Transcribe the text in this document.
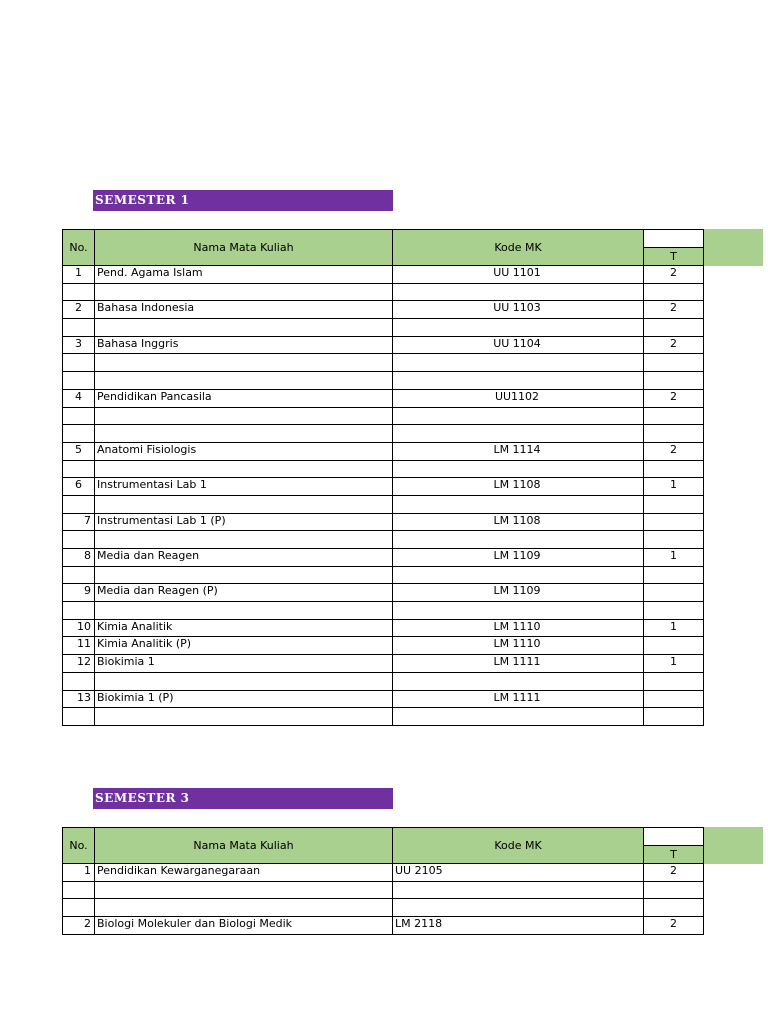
SEMESTER 1
No.	Nama Mata Kuliah	Kode MK	
			T
1	Pend. Agama Islam	UU 1101	2

2	Bahasa Indonesia	UU 1103	2

3	Bahasa Inggris	UU 1104	2

4	Pendidikan Pancasila	UU1102	2

5	Anatomi Fisiologis	LM 1114	2

6	Instrumentasi Lab 1	LM 1108	1

7	Instrumentasi Lab 1 (P)	LM 1108	

8	Media dan Reagen	LM 1109	1

9	Media dan Reagen (P)	LM 1109	

10	Kimia Analitik	LM 1110	1
11	Kimia Analitik (P)	LM 1110	
12	Biokimia 1	LM 1111	1

13	Biokimia 1 (P)	LM 1111	

SEMESTER 3
No.	Nama Mata Kuliah	Kode MK	
			T
1	Pendidikan Kewarganegaraan	UU 2105	2

2	Biologi Molekuler dan Biologi Medik	LM 2118	2
